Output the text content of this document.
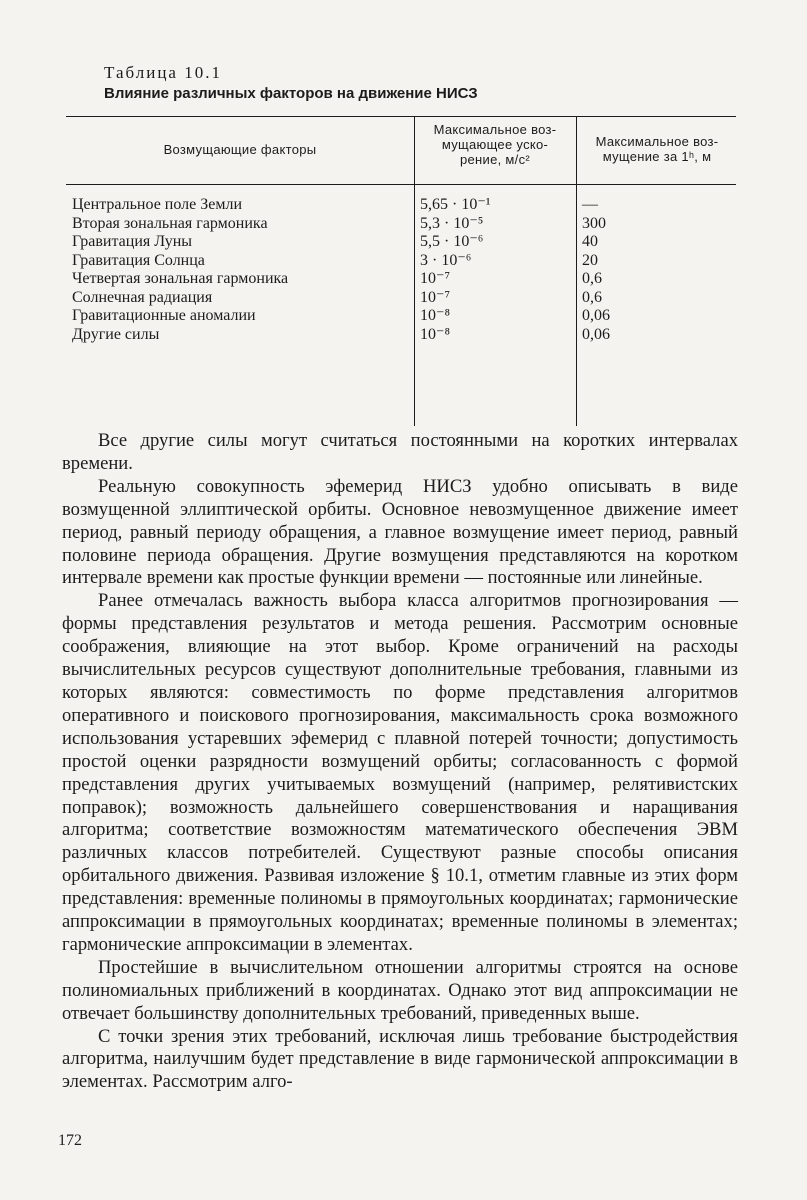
Таблица 10.1
Влияние различных факторов на движение НИСЗ
Возмущающие факторы
Максимальное воз-
мущающее уско-
рение, м/с²
Максимальное воз-
мущение за 1ʰ, м
Центральное поле Земли
Вторая зональная гармоника
Гравитация Луны
Гравитация Солнца
Четвертая зональная гармоника
Солнечная радиация
Гравитационные аномалии
Другие силы
5,65 · 10⁻¹
5,3 · 10⁻⁵
5,5 · 10⁻⁶
3 · 10⁻⁶
10⁻⁷
10⁻⁷
10⁻⁸
10⁻⁸
—
300
40
20
0,6
0,6
0,06
0,06

Все другие силы могут считаться постоянными на коротких интервалах времени.

Реальную совокупность эфемерид НИСЗ удобно описывать в виде возмущенной эллиптической орбиты. Основное невозмущенное движение имеет период, равный периоду обращения, а главное возмущение имеет период, равный половине периода обращения. Другие возмущения представляются на коротком интервале времени как простые функции времени — постоянные или линейные.

Ранее отмечалась важность выбора класса алгоритмов прогнозирования — формы представления результатов и метода решения. Рассмотрим основные соображения, влияющие на этот выбор. Кроме ограничений на расходы вычислительных ресурсов существуют дополнительные требования, главными из которых являются: совместимость по форме представления алгоритмов оперативного и поискового прогнозирования, максимальность срока возможного использования устаревших эфемерид с плавной потерей точности; допустимость простой оценки разрядности возмущений орбиты; согласованность с формой представления других учитываемых возмущений (например, релятивистских поправок); возможность дальнейшего совершенствования и наращивания алгоритма; соответствие возможностям математического обеспечения ЭВМ различных классов потребителей. Существуют разные способы описания орбитального движения. Развивая изложение § 10.1, отметим главные из этих форм представления: временные полиномы в прямоугольных координатах; гармонические аппроксимации в прямоугольных координатах; временные полиномы в элементах; гармонические аппроксимации в элементах.

Простейшие в вычислительном отношении алгоритмы строятся на основе полиномиальных приближений в координатах. Однако этот вид аппроксимации не отвечает большинству дополнительных требований, приведенных выше.

С точки зрения этих требований, исключая лишь требование быстродействия алгоритма, наилучшим будет представление в виде гармонической аппроксимации в элементах. Рассмотрим алго-

172
